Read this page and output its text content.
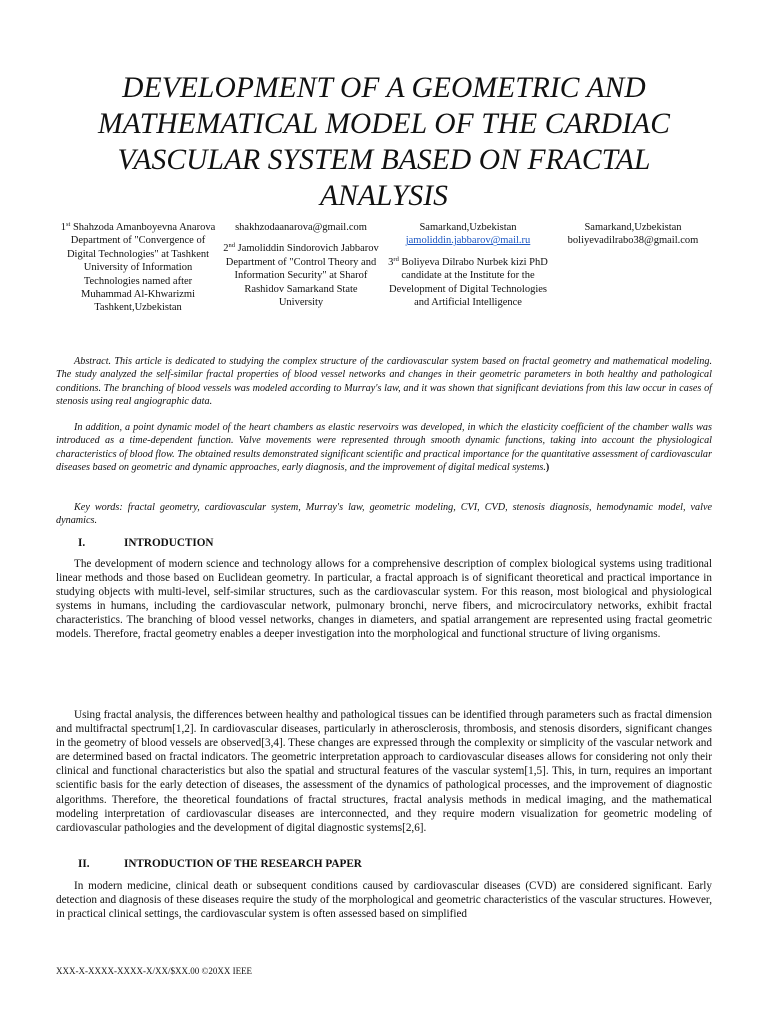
DEVELOPMENT OF A GEOMETRIC AND MATHEMATICAL MODEL OF THE CARDIAC VASCULAR SYSTEM BASED ON FRACTAL ANALYSIS

1st Shahzoda Amanboyevna Anarova Department of "Convergence of Digital Technologies" at Tashkent University of Information Technologies named after Muhammad Al-Khwarizmi Tashkent,Uzbekistan

shakhzodaanarova@gmail.com

2nd Jamoliddin Sindorovich Jabbarov Department of "Control Theory and Information Security" at Sharof Rashidov Samarkand State University

Samarkand,Uzbekistan

jamoliddin.jabbarov@mail.ru

3rd Boliyeva Dilrabo Nurbek kizi PhD candidate at the Institute for the Development of Digital Technologies and Artificial Intelligence

Samarkand,Uzbekistan

boliyevadilrabo38@gmail.com

Abstract. This article is dedicated to studying the complex structure of the cardiovascular system based on fractal geometry and mathematical modeling. The study analyzed the self-similar fractal properties of blood vessel networks and changes in their geometric parameters in both healthy and pathological conditions. The branching of blood vessels was modeled according to Murray's law, and it was shown that significant deviations from this law occur in cases of stenosis using real angiographic data.

In addition, a point dynamic model of the heart chambers as elastic reservoirs was developed, in which the elasticity coefficient of the chamber walls was introduced as a time-dependent function. Valve movements were represented through smooth dynamic functions, taking into account the physiological characteristics of blood flow. The obtained results demonstrated significant scientific and practical importance for the quantitative assessment of cardiovascular diseases based on geometric and dynamic approaches, early diagnosis, and the improvement of digital medical systems.)

Key words: fractal geometry, cardiovascular system, Murray's law, geometric modeling, CVI, CVD, stenosis diagnosis, hemodynamic model, valve dynamics.

I.	INTRODUCTION

The development of modern science and technology allows for a comprehensive description of complex biological systems using traditional linear methods and those based on Euclidean geometry. In particular, a fractal approach is of significant theoretical and practical importance in studying objects with multi-level, self-similar structures, such as the cardiovascular system. For this reason, most biological and physiological systems in humans, including the cardiovascular network, pulmonary bronchi, nerve fibers, and microcirculatory networks, exhibit fractal characteristics. The branching of blood vessel networks, changes in diameters, and spatial arrangement are represented using fractal geometric models. Therefore, fractal geometry enables a deeper investigation into the morphological and functional structure of living organisms.

Using fractal analysis, the differences between healthy and pathological tissues can be identified through parameters such as fractal dimension and multifractal spectrum[1,2]. In cardiovascular diseases, particularly in atherosclerosis, thrombosis, and stenosis disorders, significant changes in the geometry of blood vessels are observed[3,4]. These changes are expressed through the complexity or simplicity of the vascular network and are determined based on fractal indicators. The geometric interpretation approach to cardiovascular diseases allows for considering not only their clinical and functional characteristics but also the spatial and structural features of the vascular system[1,5]. This, in turn, requires an important scientific basis for the early detection of diseases, the assessment of the dynamics of pathological processes, and the improvement of diagnostic algorithms. Therefore, the theoretical foundations of fractal structures, fractal analysis methods in medical imaging, and the mathematical modeling interpretation of cardiovascular diseases are interconnected, and they require modern visualization for geometric modeling of cardiovascular pathologies and the development of digital diagnostic systems[2,6].

II.	INTRODUCTION OF THE RESEARCH PAPER

In modern medicine, clinical death or subsequent conditions caused by cardiovascular diseases (CVD) are considered significant. Early detection and diagnosis of these diseases require the study of the morphological and geometric characteristics of the vascular structures. However, in practical clinical settings, the cardiovascular system is often assessed based on simplified

XXX-X-XXXX-XXXX-X/XX/$XX.00 ©20XX IEEE
